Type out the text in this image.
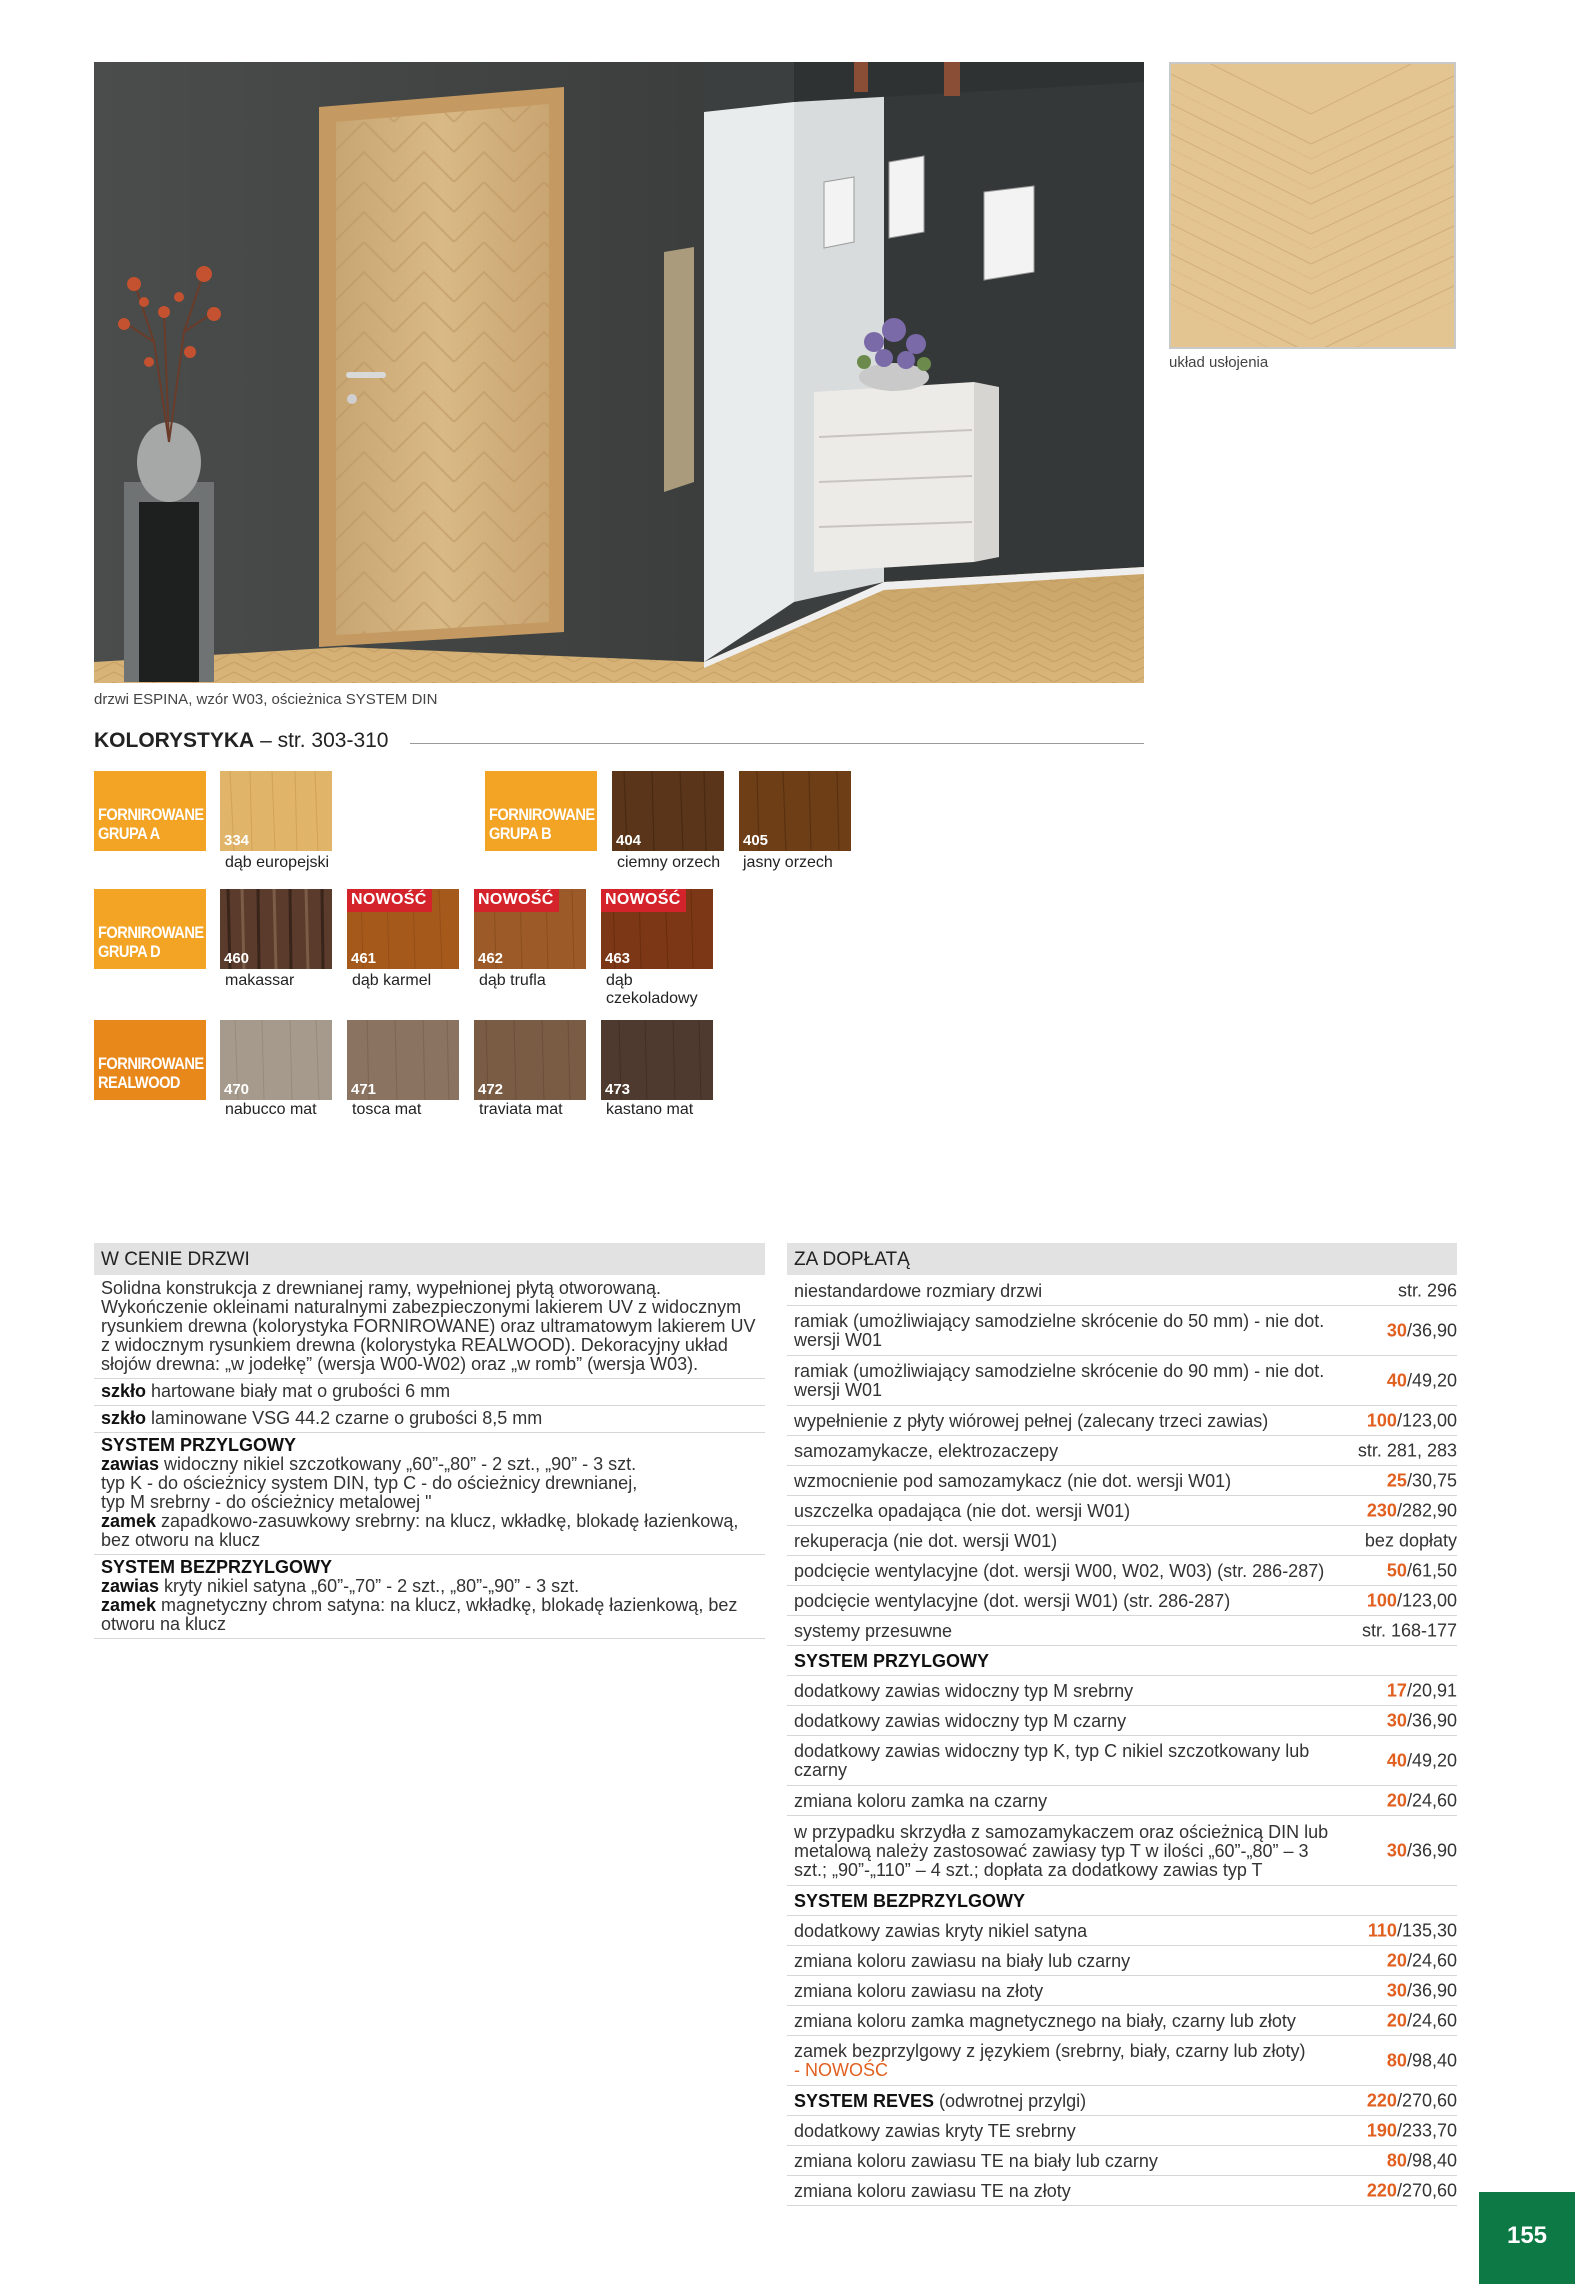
drzwi ESPINA, wzór W03, ościeżnica SYSTEM DIN
układ usłojenia
KOLORYSTYKA – str. 303-310
FORNIROWANE
GRUPA A
FORNIROWANE
GRUPA B
FORNIROWANE
GRUPA D
FORNIROWANE
REALWOOD
334
dąb europejski
404
ciemny orzech
405
jasny orzech
460
makassar
NOWOŚĆ
461
dąb karmel
NOWOŚĆ
462
dąb trufla
NOWOŚĆ
463
dąb czekoladowy
470
nabucco mat
471
tosca mat
472
traviata mat
473
kastano mat
W CENIE DRZWI
Solidna konstrukcja z drewnianej ramy, wypełnionej płytą otworowaną. Wykończenie okleinami naturalnymi zabezpieczonymi lakierem UV z widocznym rysunkiem drewna (kolorystyka FORNIROWANE) oraz ultramatowym lakierem UV z widocznym rysunkiem drewna (kolorystyka REALWOOD). Dekoracyjny układ słojów drewna: „w jodełkę” (wersja W00-W02) oraz „w romb” (wersja W03).
szkło hartowane biały mat o grubości 6 mm
szkło laminowane VSG 44.2 czarne o grubości 8,5 mm
SYSTEM PRZYLGOWY
zawias widoczny nikiel szczotkowany „60”-„80” - 2 szt., „90” - 3 szt.
typ K - do ościeżnicy system DIN, typ C - do ościeżnicy drewnianej,
typ M srebrny - do ościeżnicy metalowej "
zamek zapadkowo-zasuwkowy srebrny: na klucz, wkładkę, blokadę łazienkową, bez otworu na klucz
SYSTEM BEZPRZYLGOWY
zawias kryty nikiel satyna „60”-„70” - 2 szt., „80”-„90” - 3 szt.
zamek magnetyczny chrom satyna: na klucz, wkładkę, blokadę łazienkową, bez otworu na klucz
ZA DOPŁATĄ
niestandardowe rozmiary drzwi	str. 296
ramiak (umożliwiający samodzielne skrócenie do 50 mm) - nie dot. wersji W01	30/36,90
ramiak (umożliwiający samodzielne skrócenie do 90 mm) - nie dot. wersji W01	40/49,20
wypełnienie z płyty wiórowej pełnej (zalecany trzeci zawias)	100/123,00
samozamykacze, elektrozaczepy	str. 281, 283
wzmocnienie pod samozamykacz (nie dot. wersji W01)	25/30,75
uszczelka opadająca (nie dot. wersji W01)	230/282,90
rekuperacja (nie dot. wersji W01)	bez dopłaty
podcięcie wentylacyjne (dot. wersji W00, W02, W03) (str. 286-287)	50/61,50
podcięcie wentylacyjne (dot. wersji W01) (str. 286-287)	100/123,00
systemy przesuwne	str. 168-177
SYSTEM PRZYLGOWY
dodatkowy zawias widoczny typ M srebrny	17/20,91
dodatkowy zawias widoczny typ M czarny	30/36,90
dodatkowy zawias widoczny typ K, typ C nikiel szczotkowany lub czarny	40/49,20
zmiana koloru zamka na czarny	20/24,60
w przypadku skrzydła z samozamykaczem oraz ościeżnicą DIN lub metalową należy zastosować zawiasy typ T w ilości „60”-„80” – 3 szt.; „90”-„110” – 4 szt.; dopłata za dodatkowy zawias typ T
30/36,90
SYSTEM BEZPRZYLGOWY
dodatkowy zawias kryty nikiel satyna	110/135,30
zmiana koloru zawiasu na biały lub czarny	20/24,60
zmiana koloru zawiasu na złoty	30/36,90
zmiana koloru zamka magnetycznego na biały, czarny lub złoty	20/24,60
zamek bezprzylgowy z językiem (srebrny, biały, czarny lub złoty)
- NOWOŚĆ	80/98,40
SYSTEM REVES (odwrotnej przylgi)	220/270,60
dodatkowy zawias kryty TE srebrny	190/233,70
zmiana koloru zawiasu TE na biały lub czarny	80/98,40
zmiana koloru zawiasu TE na złoty	220/270,60
155
